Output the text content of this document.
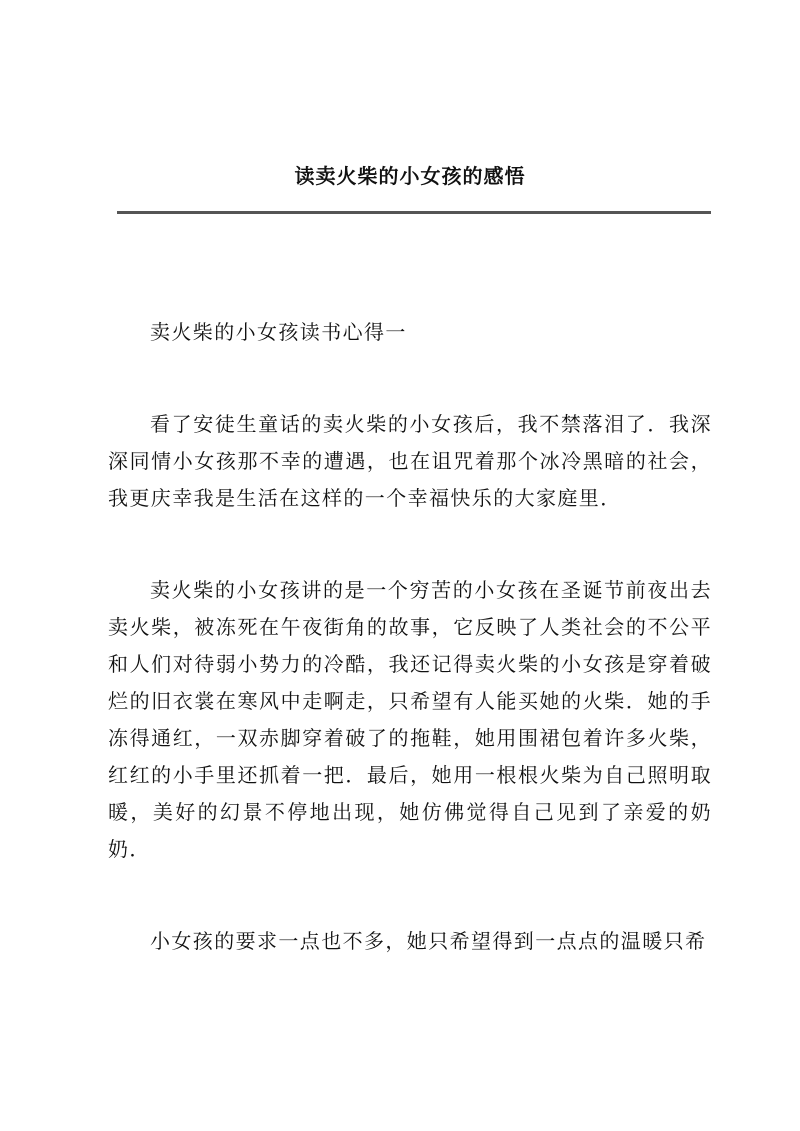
读卖火柴的小女孩的感悟

卖火柴的小女孩读书心得一

看了安徒生童话的卖火柴的小女孩后，我不禁落泪了．我深深同情小女孩那不幸的遭遇，也在诅咒着那个冰冷黑暗的社会，我更庆幸我是生活在这样的一个幸福快乐的大家庭里．

卖火柴的小女孩讲的是一个穷苦的小女孩在圣诞节前夜出去卖火柴，被冻死在午夜街角的故事，它反映了人类社会的不公平和人们对待弱小势力的冷酷，我还记得卖火柴的小女孩是穿着破烂的旧衣裳在寒风中走啊走，只希望有人能买她的火柴．她的手冻得通红，一双赤脚穿着破了的拖鞋，她用围裙包着许多火柴，红红的小手里还抓着一把．最后，她用一根根火柴为自己照明取暖，美好的幻景不停地出现，她仿佛觉得自己见到了亲爱的奶奶．

小女孩的要求一点也不多，她只希望得到一点点的温暖只希
